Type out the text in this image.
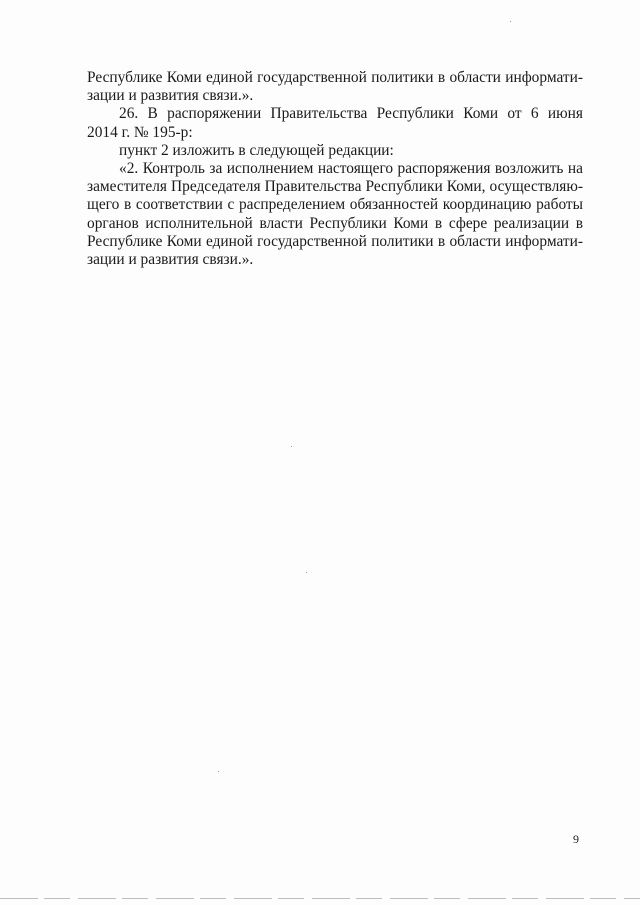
Республике Коми единой государственной политики в области информати-
зации и развития связи.».

26. В распоряжении Правительства Республики Коми от 6 июня
2014 г. № 195-р:

пункт 2 изложить в следующей редакции:

«2. Контроль за исполнением настоящего распоряжения возложить на
заместителя Председателя Правительства Республики Коми, осуществляю-
щего в соответствии с распределением обязанностей координацию работы
органов исполнительной власти Республики Коми в сфере реализации в
Республике Коми единой государственной политики в области информати-
зации и развития связи.».

9
